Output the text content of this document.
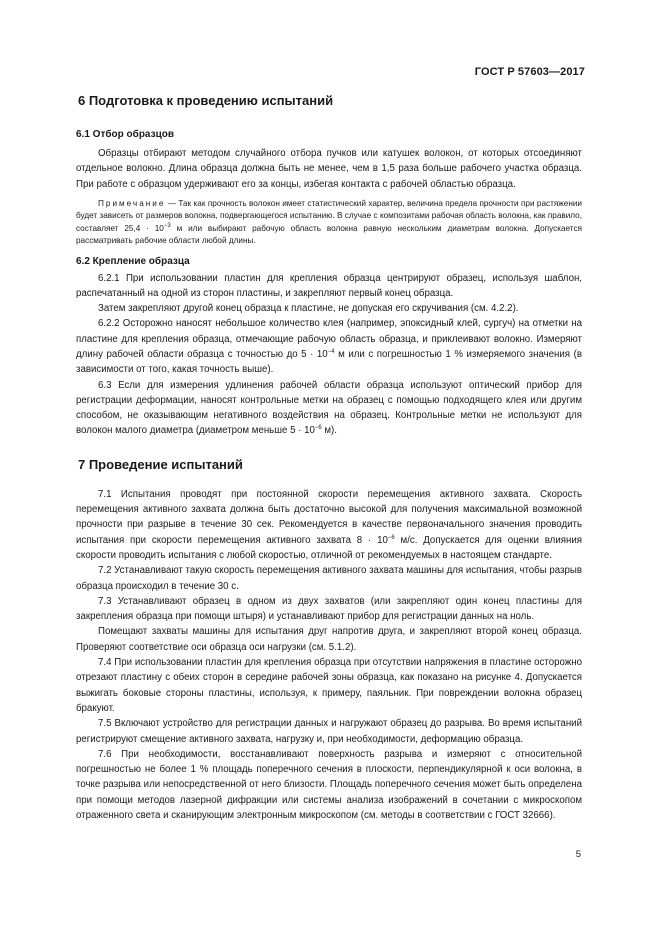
ГОСТ Р 57603—2017
6 Подготовка к проведению испытаний
6.1 Отбор образцов

Образцы отбирают методом случайного отбора пучков или катушек волокон, от которых отсоединяют отдельное волокно. Длина образца должна быть не менее, чем в 1,5 раза больше рабочего участка образца. При работе с образцом удерживают его за концы, избегая контакта с рабочей областью образца.

Примечание — Так как прочность волокон имеет статистический характер, величина предела прочности при растяжении будет зависеть от размеров волокна, подвергающегося испытанию. В случае с композитами рабочая область волокна, как правило, составляет $25,4 \cdot 10^{-3}$ м или выбирают рабочую область волокна равную нескольким диаметрам волокна. Допускается рассматривать рабочие области любой длины.

6.2 Крепление образца

6.2.1 При использовании пластин для крепления образца центрируют образец, используя шаблон, распечатанный на одной из сторон пластины, и закрепляют первый конец образца.

Затем закрепляют другой конец образца к пластине, не допуская его скручивания (см. 4.2.2).

6.2.2 Осторожно наносят небольшое количество клея (например, эпоксидный клей, сургуч) на отметки на пластине для крепления образца, отмечающие рабочую область образца, и приклеивают волокно. Измеряют длину рабочей области образца с точностью до $5 \cdot 10^{-4}$ м или с погрешностью 1 % измеряемого значения (в зависимости от того, какая точность выше).

6.3 Если для измерения удлинения рабочей области образца используют оптический прибор для регистрации деформации, наносят контрольные метки на образец с помощью подходящего клея или другим способом, не оказывающим негативного воздействия на образец. Контрольные метки не используют для волокон малого диаметра (диаметром меньше $5 \cdot 10^{-6}$ м).

7 Проведение испытаний

7.1 Испытания проводят при постоянной скорости перемещения активного захвата. Скорость перемещения активного захвата должна быть достаточно высокой для получения максимальной возможной прочности при разрыве в течение 30 сек. Рекомендуется в качестве первоначального значения проводить испытания при скорости перемещения активного захвата $8 \cdot 10^{-6}$ м/с. Допускается для оценки влияния скорости проводить испытания с любой скоростью, отличной от рекомендуемых в настоящем стандарте.

7.2 Устанавливают такую скорость перемещения активного захвата машины для испытания, чтобы разрыв образца происходил в течение 30 с.

7.3 Устанавливают образец в одном из двух захватов (или закрепляют один конец пластины для закрепления образца при помощи штыря) и устанавливают прибор для регистрации данных на ноль.

Помещают захваты машины для испытания друг напротив друга, и закрепляют второй конец образца. Проверяют соответствие оси образца оси нагрузки (см. 5.1.2).

7.4 При использовании пластин для крепления образца при отсутствии напряжения в пластине осторожно отрезают пластину с обеих сторон в середине рабочей зоны образца, как показано на рисунке 4. Допускается выжигать боковые стороны пластины, используя, к примеру, паяльник. При повреждении волокна образец бракуют.

7.5 Включают устройство для регистрации данных и нагружают образец до разрыва. Во время испытаний регистрируют смещение активного захвата, нагрузку и, при необходимости, деформацию образца.

7.6 При необходимости, восстанавливают поверхность разрыва и измеряют с относительной погрешностью не более 1 % площадь поперечного сечения в плоскости, перпендикулярной к оси волокна, в точке разрыва или непосредственной от него близости. Площадь поперечного сечения может быть определена при помощи методов лазерной дифракции или системы анализа изображений в сочетании с микроскопом отраженного света и сканирующим электронным микроскопом (см. методы в соответствии с ГОСТ 32666).

5
